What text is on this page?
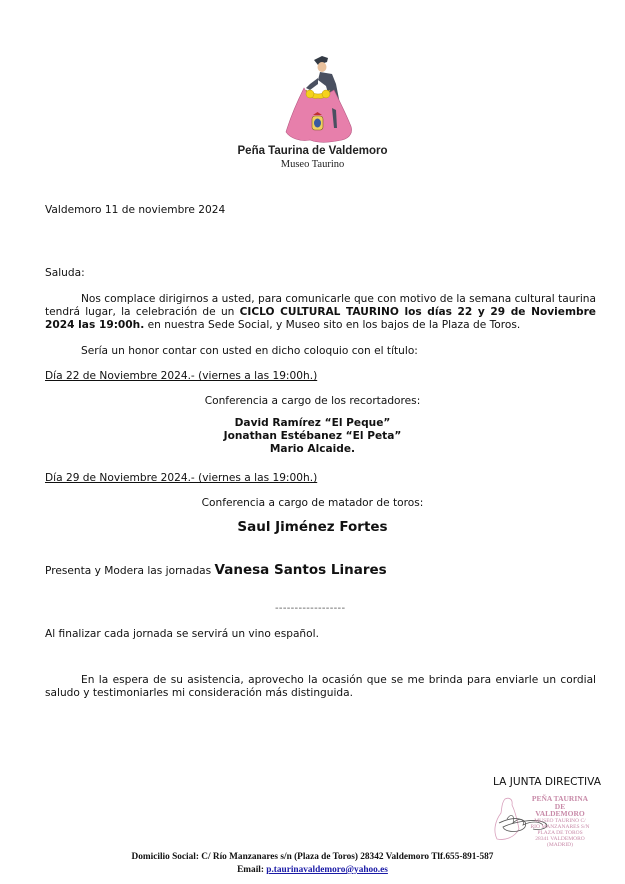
Peña Taurina de Valdemoro
Museo Taurino
Valdemoro 11 de noviembre 2024
Saluda:
Nos complace dirigirnos a usted, para comunicarle que con motivo de la semana cultural taurina tendrá lugar, la celebración de un CICLO CULTURAL TAURINO los días 22 y 29 de Noviembre 2024 las 19:00h. en nuestra Sede Social, y Museo sito en los bajos de la Plaza de Toros.
Sería un honor contar con usted en dicho coloquio con el título:
Día 22 de Noviembre 2024.- (viernes a las 19:00h.)
Conferencia a cargo de los recortadores:
David Ramírez “El Peque”
Jonathan Estébanez “El Peta”
Mario Alcaide.
Día 29 de Noviembre 2024.- (viernes a las 19:00h.)
Conferencia a cargo de matador de toros:
Saul Jiménez Fortes
Presenta y Modera las jornadas Vanesa Santos Linares
------------------
Al finalizar cada jornada se servirá un vino español.
En la espera de su asistencia, aprovecho la ocasión que se me brinda para enviarle un cordial saludo y testimoniarles mi consideración más distinguida.
LA JUNTA DIRECTIVA
PEÑA TAURINA
DE VALDEMORO
MUSEO TAURINO C/ RIO MANZANARES S/N PLAZA DE TOROS 28341 VALDEMORO (MADRID)
Domicilio Social: C/ Río Manzanares s/n (Plaza de Toros) 28342 Valdemoro Tlf.655-891-587
Email: p.taurinavaldemoro@yahoo.es
